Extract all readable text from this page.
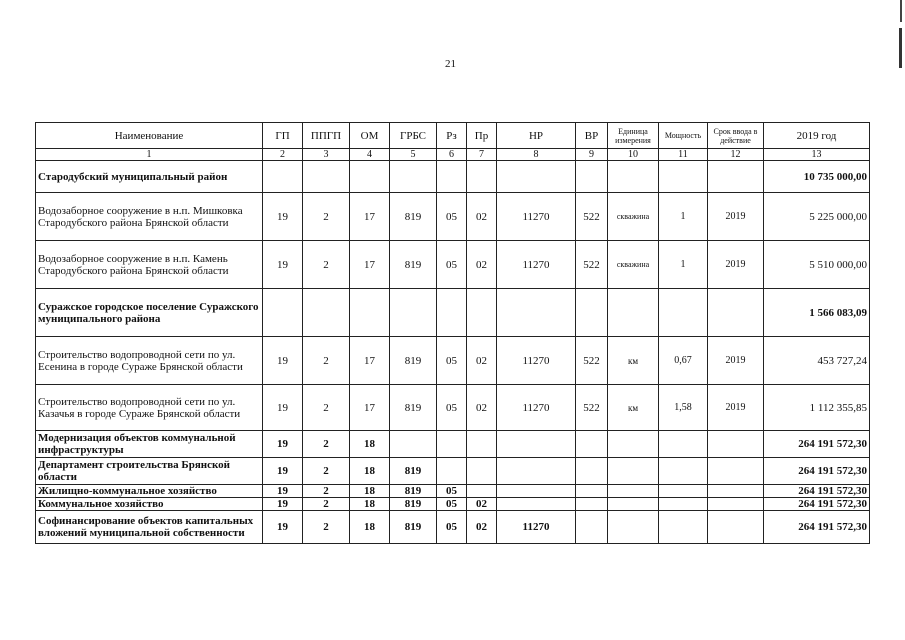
21
Наименование	ГП	ППГП	ОМ	ГРБС	Рз	Пр	НР	ВР	Единица измерения	Мощность	Срок ввода в действие	2019 год
1	2	3	4	5	6	7	8	9	10	11	12	13
Стародубский муниципальный район												10 735 000,00
Водозаборное сооружение в н.п. Мишковка Стародубского района Брянской области	19	2	17	819	05	02	11270	522	скважина	1	2019	5 225 000,00
Водозаборное сооружение в н.п. Камень Стародубского района Брянской области	19	2	17	819	05	02	11270	522	скважина	1	2019	5 510 000,00
Суражское городское поселение Суражского муниципального района												1 566 083,09
Строительство водопроводной сети по ул. Есенина в городе Сураже Брянской области	19	2	17	819	05	02	11270	522	км	0,67	2019	453 727,24
Строительство водопроводной сети по ул. Казачья в городе Сураже Брянской области	19	2	17	819	05	02	11270	522	км	1,58	2019	1 112 355,85
Модернизация объектов коммунальной инфраструктуры	19	2	18									264 191 572,30
Департамент строительства Брянской области	19	2	18	819								264 191 572,30
Жилищно-коммунальное хозяйство	19	2	18	819	05							264 191 572,30
Коммунальное хозяйство	19	2	18	819	05	02						264 191 572,30
Софинансирование объектов капитальных вложений муниципальной собственности	19	2	18	819	05	02	11270					264 191 572,30
